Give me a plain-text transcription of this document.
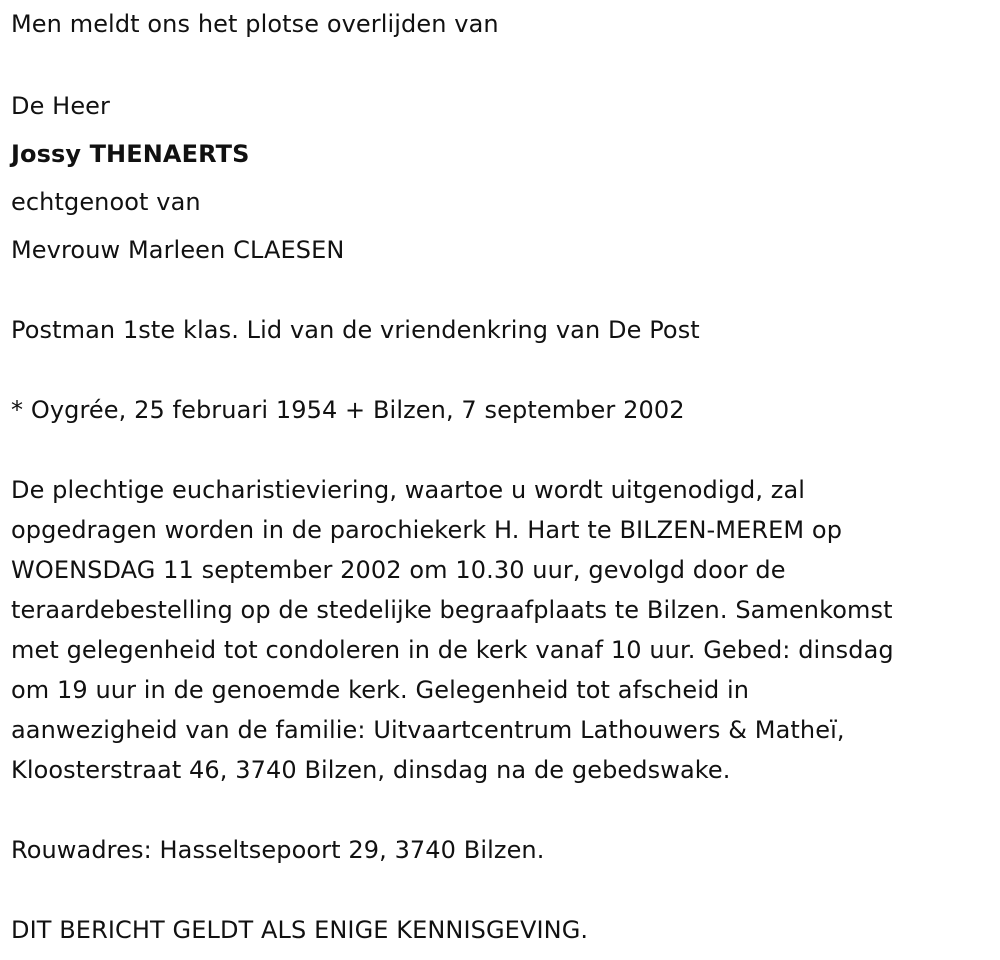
Men meldt ons het plotse overlijden van
De Heer
Jossy THENAERTS
echtgenoot van
Mevrouw Marleen CLAESEN
Postman 1ste klas. Lid van de vriendenkring van De Post
* Oygrée, 25 februari 1954 + Bilzen, 7 september 2002
De plechtige eucharistieviering, waartoe u wordt uitgenodigd, zal
opgedragen worden in de parochiekerk H. Hart te BILZEN-MEREM op
WOENSDAG 11 september 2002 om 10.30 uur, gevolgd door de
teraardebestelling op de stedelijke begraafplaats te Bilzen. Samenkomst
met gelegenheid tot condoleren in de kerk vanaf 10 uur. Gebed: dinsdag
om 19 uur in de genoemde kerk. Gelegenheid tot afscheid in
aanwezigheid van de familie: Uitvaartcentrum Lathouwers & Matheï,
Kloosterstraat 46, 3740 Bilzen, dinsdag na de gebedswake.
Rouwadres: Hasseltsepoort 29, 3740 Bilzen.
DIT BERICHT GELDT ALS ENIGE KENNISGEVING.
